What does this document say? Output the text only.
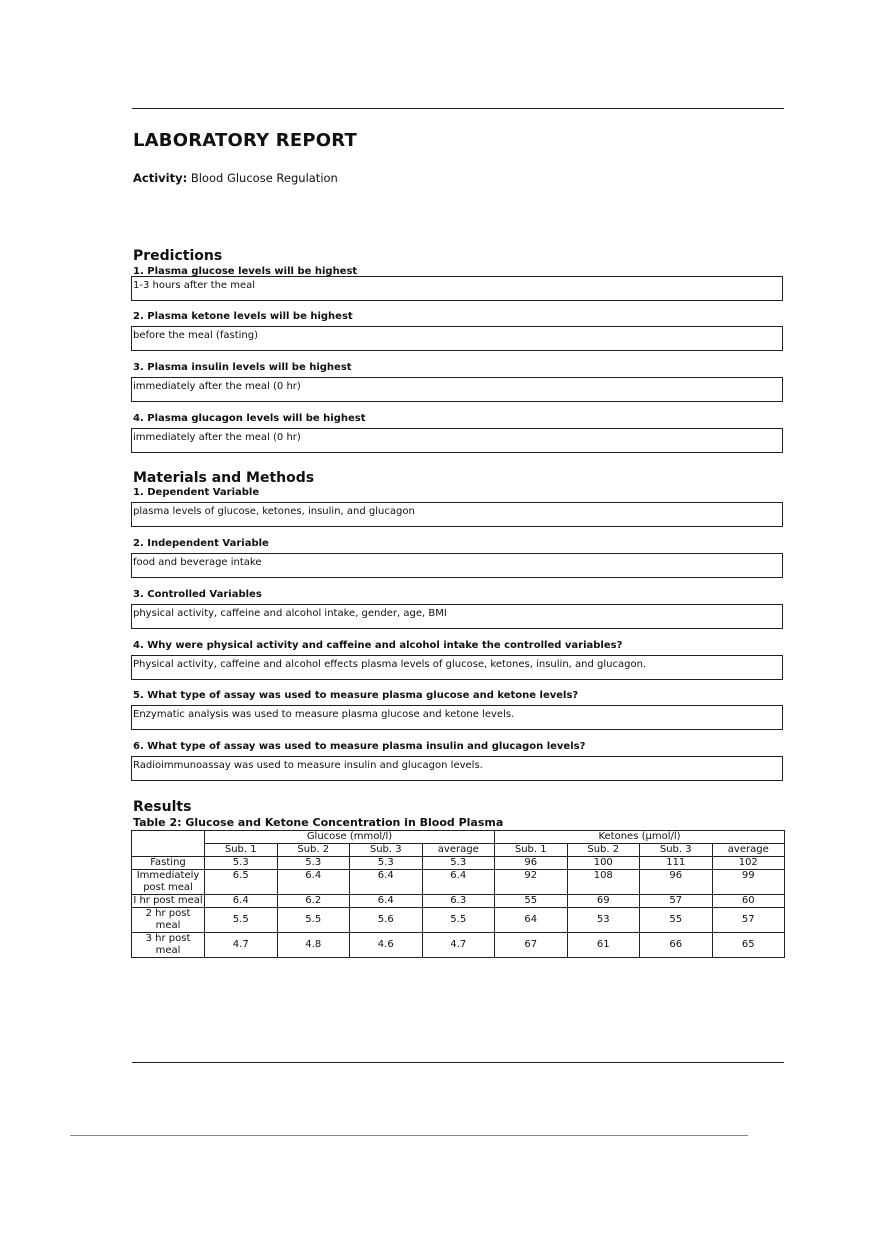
LABORATORY REPORT
Activity: Blood Glucose Regulation
Predictions
1. Plasma glucose levels will be highest
1-3 hours after the meal
2. Plasma ketone levels will be highest
before the meal (fasting)
3. Plasma insulin levels will be highest
immediately after the meal (0 hr)
4. Plasma glucagon levels will be highest
immediately after the meal (0 hr)
Materials and Methods
1. Dependent Variable
plasma levels of glucose, ketones, insulin, and glucagon
2. Independent Variable
food and beverage intake
3. Controlled Variables
physical activity, caffeine and alcohol intake, gender, age, BMI
4. Why were physical activity and caffeine and alcohol intake the controlled variables?
Physical activity, caffeine and alcohol effects plasma levels of glucose, ketones, insulin, and glucagon.
5. What type of assay was used to measure plasma glucose and ketone levels?
Enzymatic analysis was used to measure plasma glucose and ketone levels.
6. What type of assay was used to measure plasma insulin and glucagon levels?
Radioimmunoassay was used to measure insulin and glucagon levels.
Results
Table 2: Glucose and Ketone Concentration in Blood Plasma
	Glucose (mmol/l)				Ketones (µmol/l)			
	Sub. 1	Sub. 2	Sub. 3	average	Sub. 1	Sub. 2	Sub. 3	average
Fasting	5.3	5.3	5.3	5.3	96	100	111	102
Immediately post meal	6.5	6.4	6.4	6.4	92	108	96	99
I hr post meal	6.4	6.2	6.4	6.3	55	69	57	60
2 hr post meal	5.5	5.5	5.6	5.5	64	53	55	57
3 hr post meal	4.7	4.8	4.6	4.7	67	61	66	65
